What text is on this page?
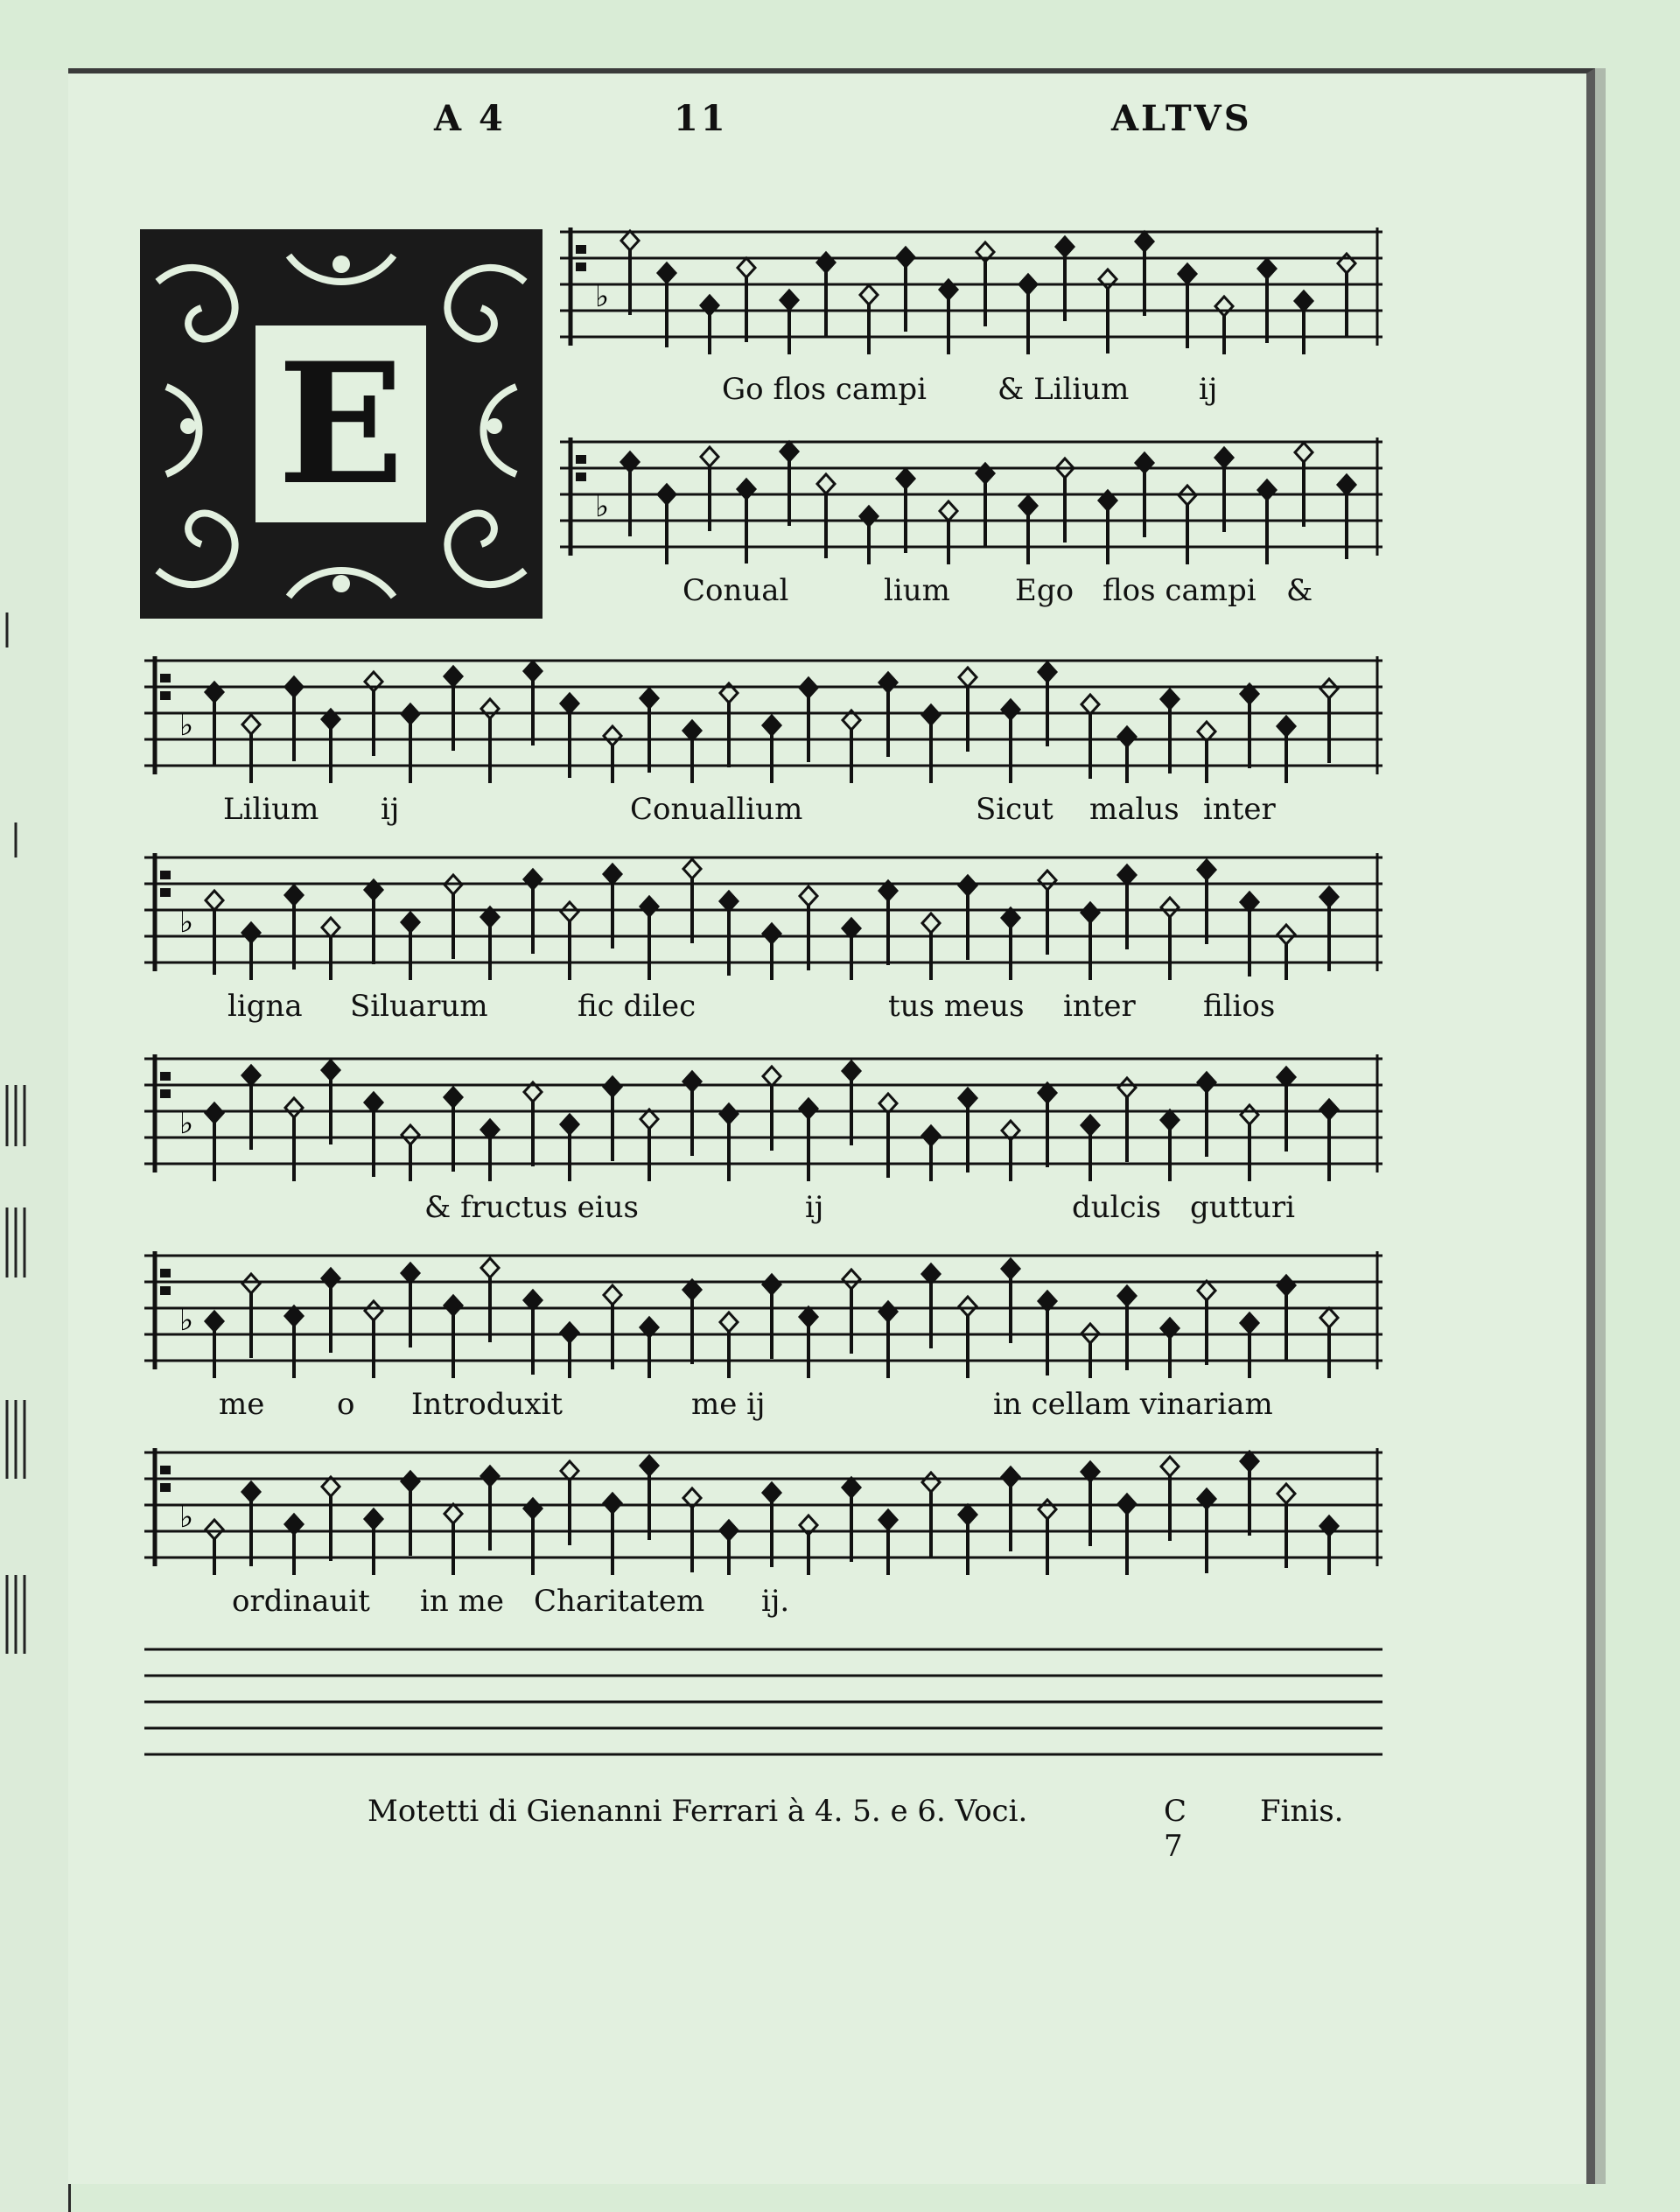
A 4	11	ALTVS
E
♭
Go flos campi & Lilium ij
♭
Conual	lium Ego flos campi &
♭
Lilium ij	Conuallium	Sicut malus inter
♭
ligna Siluarum	fic dilec	tus meus inter filios
♭
& fructus eius	ij	dulcis gutturi
♭
me o Introduxit	me ij	in cellam vinariam
♭
ordinauit in me Charitatem ij.
Motetti di Gienanni Ferrari à 4. 5. e 6. Voci.	C 7
Finis.
